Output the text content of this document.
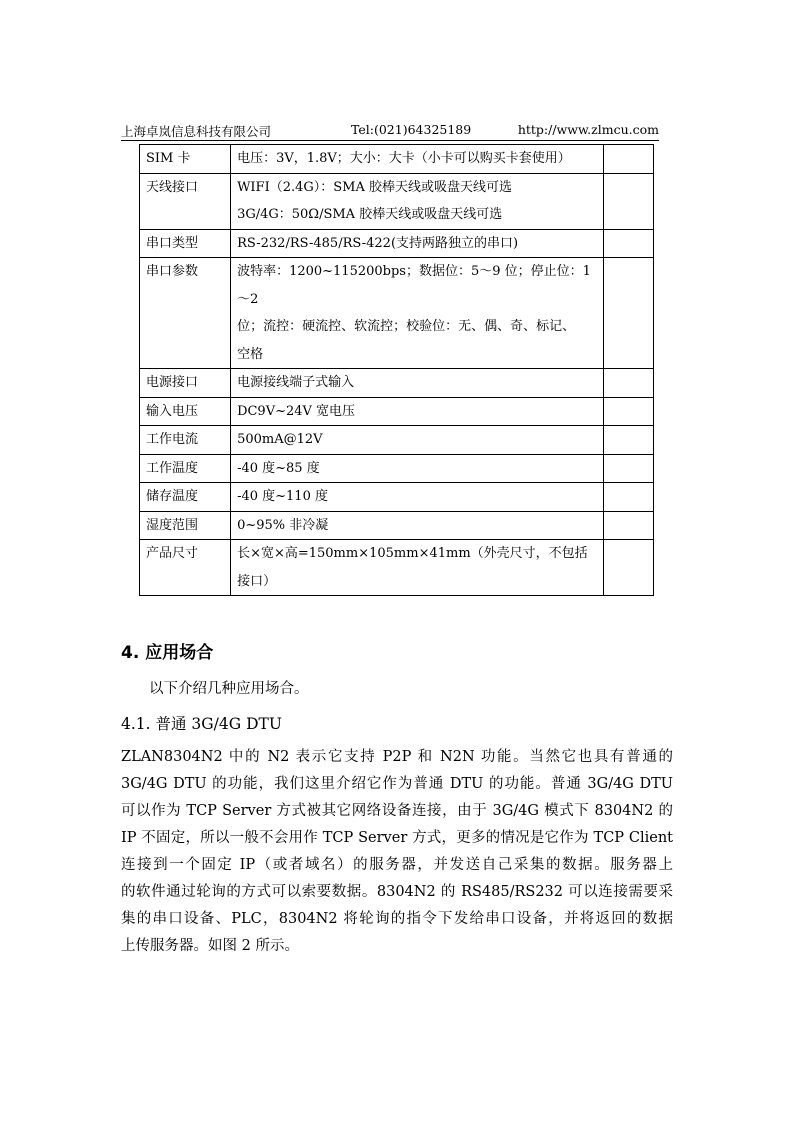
上海卓岚信息科技有限公司	Tel:(021)64325189	http://www.zlmcu.com
SIM 卡	电压：3V，1.8V；大小：大卡（小卡可以购买卡套使用）	

天线接口	WIFI（2.4G）：SMA 胶棒天线或吸盘天线可选
3G/4G：50Ω/SMA 胶棒天线或吸盘天线可选	

串口类型	RS-232/RS-485/RS-422(支持两路独立的串口)	

串口参数	波特率：1200~115200bps；数据位：5～9 位；停止位：1～2
位；流控：硬流控、软流控；校验位：无、偶、奇、标记、
空格	

电源接口	电源接线端子式输入	

输入电压	DC9V~24V 宽电压	

工作电流	500mA@12V	

工作温度	-40 度~85 度	

储存温度	-40 度~110 度	

湿度范围	0~95% 非冷凝	

产品尺寸	长×宽×高=150mm×105mm×41mm（外壳尺寸，不包括
接口）	

4. 应用场合
以下介绍几种应用场合。
4.1. 普通 3G/4G DTU
ZLAN8304N2 中的 N2 表示它支持 P2P 和 N2N 功能。当然它也具有普通的
3G/4G DTU 的功能，我们这里介绍它作为普通 DTU 的功能。普通 3G/4G DTU
可以作为 TCP Server 方式被其它网络设备连接，由于 3G/4G 模式下 8304N2 的
IP 不固定，所以一般不会用作 TCP Server 方式，更多的情况是它作为 TCP Client
连接到一个固定 IP（或者域名）的服务器，并发送自己采集的数据。服务器上
的软件通过轮询的方式可以索要数据。8304N2 的 RS485/RS232 可以连接需要采
集的串口设备、PLC，8304N2 将轮询的指令下发给串口设备，并将返回的数据
上传服务器。如图 2 所示。
